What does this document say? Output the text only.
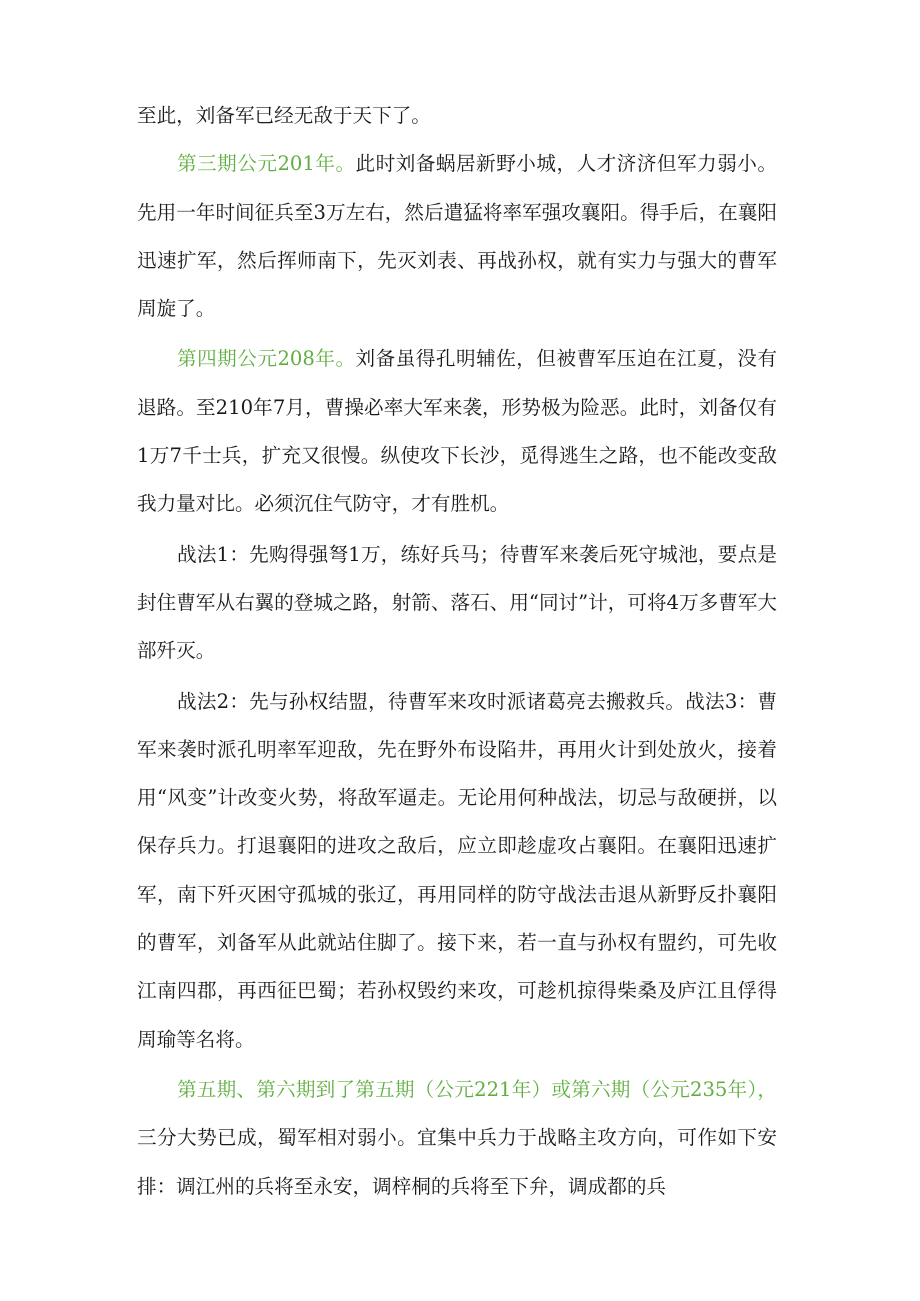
至此，刘备军已经无敌于天下了。

第三期公元201年。此时刘备蜗居新野小城，人才济济但军力弱小。先用一年时间征兵至3万左右，然后遣猛将率军强攻襄阳。得手后，在襄阳迅速扩军，然后挥师南下，先灭刘表、再战孙权，就有实力与强大的曹军周旋了。

第四期公元208年。刘备虽得孔明辅佐，但被曹军压迫在江夏，没有退路。至210年7月，曹操必率大军来袭，形势极为险恶。此时，刘备仅有1万7千士兵，扩充又很慢。纵使攻下长沙，觅得逃生之路，也不能改变敌我力量对比。必须沉住气防守，才有胜机。

战法1：先购得强弩1万，练好兵马；待曹军来袭后死守城池，要点是封住曹军从右翼的登城之路，射箭、落石、用“同讨”计，可将4万多曹军大部歼灭。

战法2：先与孙权结盟，待曹军来攻时派诸葛亮去搬救兵。战法3：曹军来袭时派孔明率军迎敌，先在野外布设陷井，再用火计到处放火，接着用“风变”计改变火势，将敌军逼走。无论用何种战法，切忌与敌硬拼，以保存兵力。打退襄阳的进攻之敌后，应立即趁虚攻占襄阳。在襄阳迅速扩军，南下歼灭困守孤城的张辽，再用同样的防守战法击退从新野反扑襄阳的曹军，刘备军从此就站住脚了。接下来，若一直与孙权有盟约，可先收江南四郡，再西征巴蜀；若孙权毁约来攻，可趁机掠得柴桑及庐江且俘得周瑜等名将。

第五期、第六期到了第五期（公元221年）或第六期（公元235年），三分大势已成，蜀军相对弱小。宜集中兵力于战略主攻方向，可作如下安排：调江州的兵将至永安，调梓桐的兵将至下弁，调成都的兵
